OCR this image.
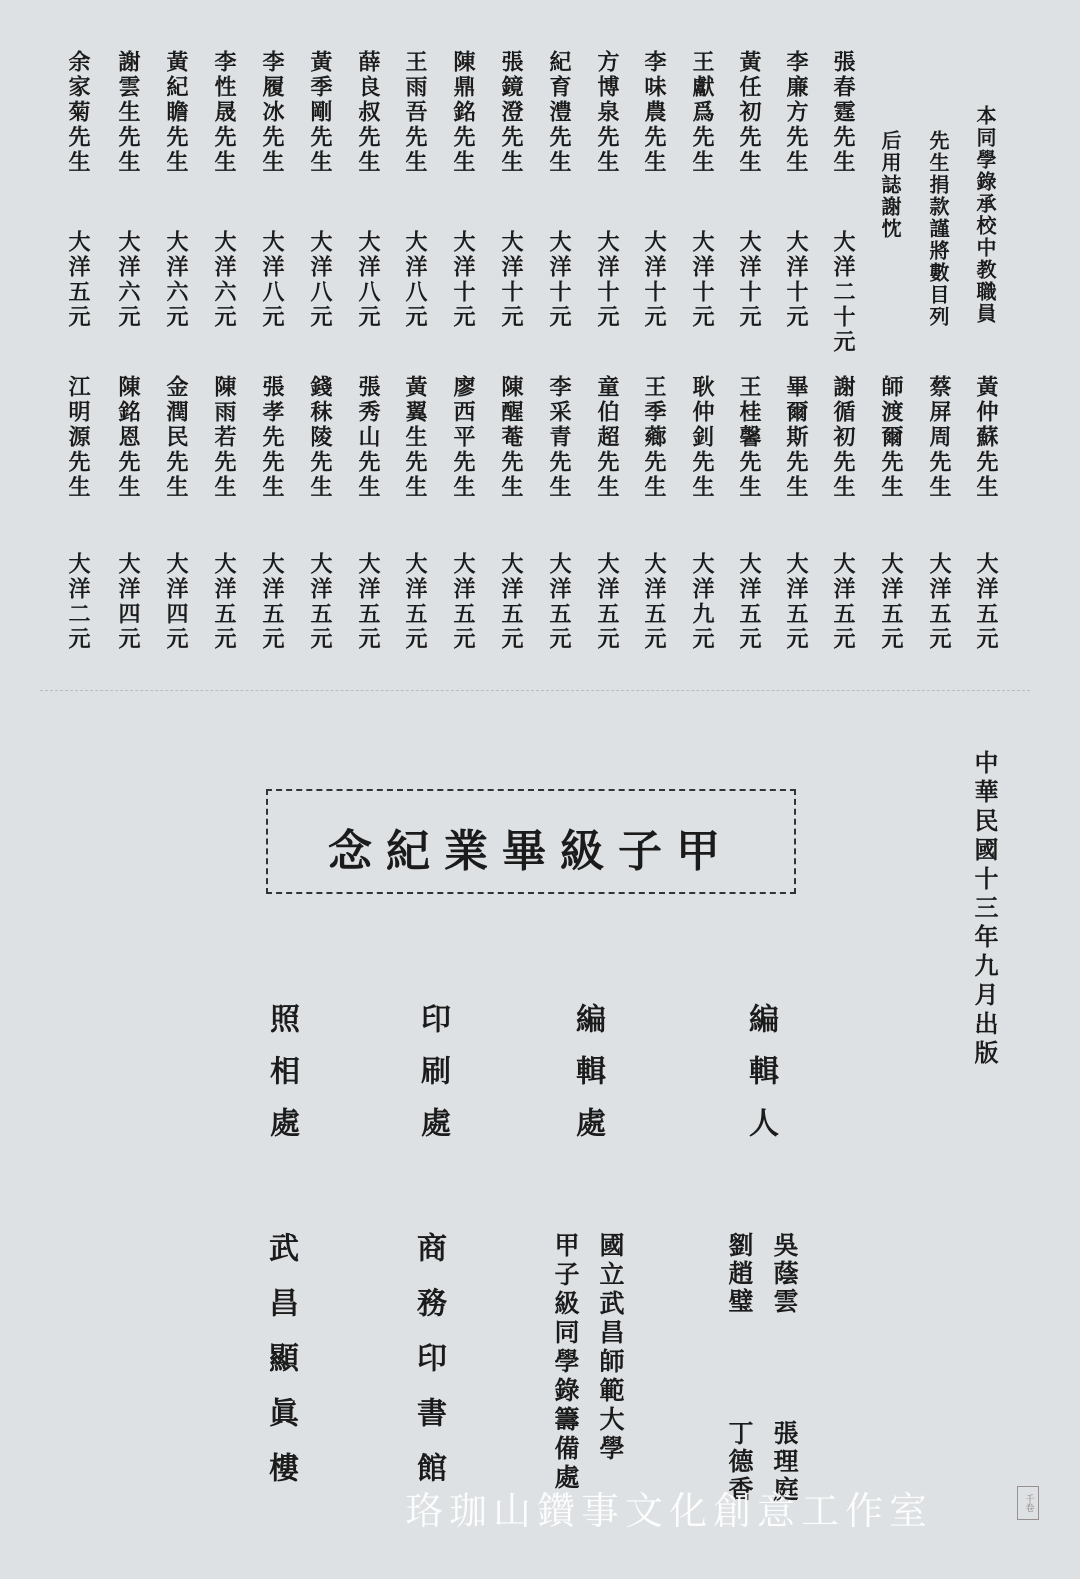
本同學錄承校中教職員
先生捐款謹將數目列
后用誌謝忱
張春霆先生
大洋二十元
李廉方先生
大洋十元
黃任初先生
大洋十元
王獻爲先生
大洋十元
李味農先生
大洋十元
方博泉先生
大洋十元
紀育澧先生
大洋十元
張鏡澄先生
大洋十元
陳鼎銘先生
大洋十元
王雨吾先生
大洋八元
薛良叔先生
大洋八元
黃季剛先生
大洋八元
李履冰先生
大洋八元
李性晟先生
大洋六元
黃紀瞻先生
大洋六元
謝雲生先生
大洋六元
余家菊先生
大洋五元
黃仲蘇先生
大洋五元
蔡屏周先生
大洋五元
師渡爾先生
大洋五元
謝循初先生
大洋五元
畢爾斯先生
大洋五元
王桂馨先生
大洋五元
耿仲釗先生
大洋九元
王季薌先生
大洋五元
童伯超先生
大洋五元
李采青先生
大洋五元
陳醒菴先生
大洋五元
廖西平先生
大洋五元
黃翼生先生
大洋五元
張秀山先生
大洋五元
錢秣陵先生
大洋五元
張孝先先生
大洋五元
陳雨若先生
大洋五元
金潤民先生
大洋四元
陳銘恩先生
大洋四元
江明源先生
大洋二元
中華民國十三年九月出版
甲子級畢業紀念
編輯人
編輯處
印刷處
照相處
吳蔭雲
劉趙璧
張理庭
丁德香
國立武昌師範大學
甲子級同學錄籌備處
商務印書館
武昌顯眞樓
珞珈山鑽事文化創意工作室	千卷
